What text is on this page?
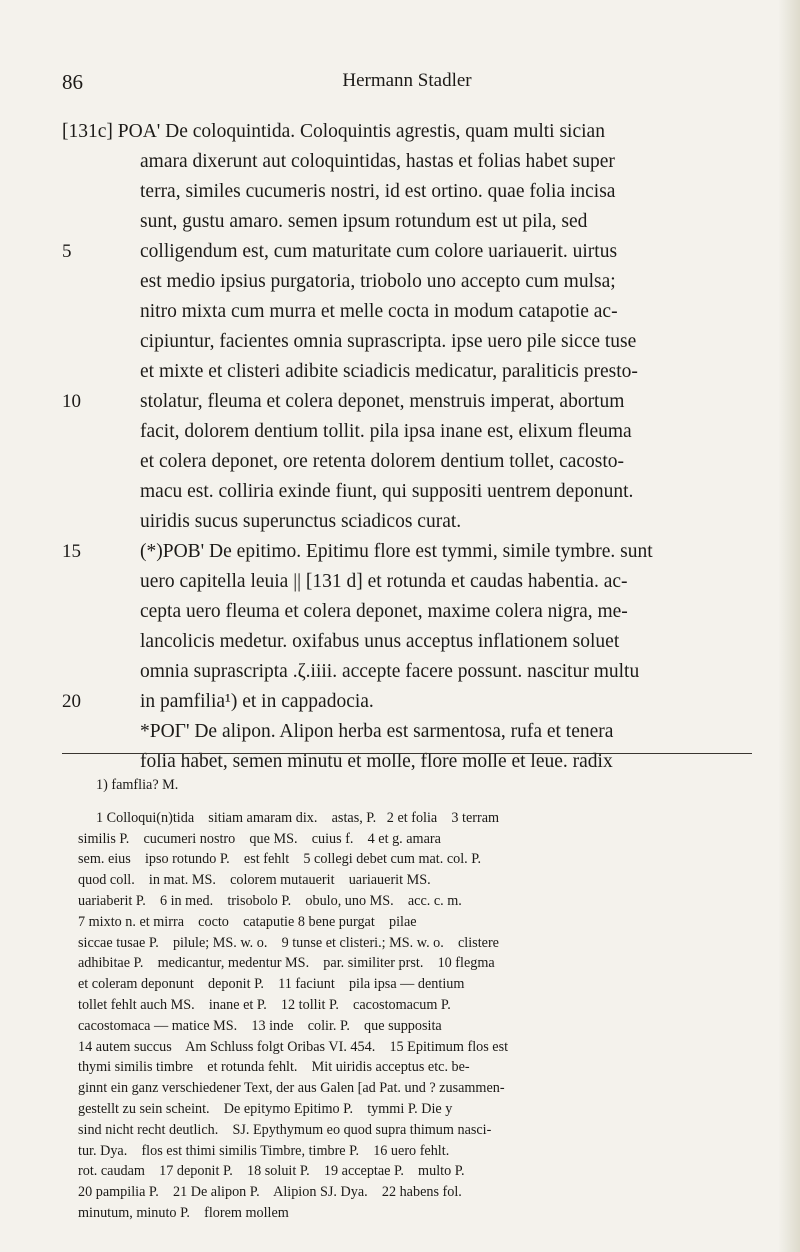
86	Hermann Stadler
[131c] POA' De coloquintida. Coloquintis agrestis, quam multi sician
amara dixerunt aut coloquintidas, hastas et folias habet super
terra, similes cucumeris nostri, id est ortino. quae folia incisa
sunt, gustu amaro. semen ipsum rotundum est ut pila, sed
5	colligendum est, cum maturitate cum colore uariauerit. uirtus
est medio ipsius purgatoria, triobolo uno accepto cum mulsa;
nitro mixta cum murra et melle cocta in modum catapotie ac-
cipiuntur, facientes omnia suprascripta. ipse uero pile sicce tuse
et mixte et clisteri adibite sciadicis medicatur, paraliticis presto-
10	stolatur, fleuma et colera deponet, menstruis imperat, abortum
facit, dolorem dentium tollit. pila ipsa inane est, elixum fleuma
et colera deponet, ore retenta dolorem dentium tollet, cacosto-
macu est. colliria exinde fiunt, qui suppositi uentrem deponunt.
uiridis sucus superunctus sciadicos curat.
15	(*)POB' De epitimo. Epitimu flore est tymmi, simile tymbre. sunt
uero capitella leuia || [131 d] et rotunda et caudas habentia. ac-
cepta uero fleuma et colera deponet, maxime colera nigra, me-
lancolicis medetur. oxifabus unus acceptus inflationem soluet
omnia suprascripta .ζ.iiii. accepte facere possunt. nascitur multu
20	in pamfilia¹) et in cappadocia.
*POΓ' De alipon. Alipon herba est sarmentosa, rufa et tenera
folia habet, semen minutu et molle, flore molle et leue. radix
1) famflia? M.
1 Colloqui(n)tida    sitiam amaram dix.    astas, P.   2 et folia    3 terram
similis P.    cucumeri nostro    que MS.    cuius f.    4 et g. amara
sem. eius    ipso rotundo P.    est fehlt    5 collegi debet cum mat. col. P.
quod coll.    in mat. MS.    colorem mutauerit    uariauerit MS.
uariaberit P.    6 in med.    trisobolo P.    obulo, uno MS.    acc. c. m.
7 mixto n. et mirra    cocto    cataputie 8 bene purgat    pilae
siccae tusae P.    pilule; MS. w. o.    9 tunse et clisteri.; MS. w. o.    clistere
adhibitae P.    medicantur, medentur MS.    par. similiter prst.    10 flegma
et coleram deponunt    deponit P.    11 faciunt    pila ipsa — dentium
tollet fehlt auch MS.    inane et P.    12 tollit P.    cacostomacum P.
cacostomaca — matice MS.    13 inde    colir. P.    que supposita
14 autem succus    Am Schluss folgt Oribas VI. 454.    15 Epitimum flos est
thymi similis timbre    et rotunda fehlt.    Mit uiridis acceptus etc. be-
ginnt ein ganz verschiedener Text, der aus Galen [ad Pat. und ? zusammen-
gestellt zu sein scheint.    De epitymo Epitimo P.    tymmi P. Die y
sind nicht recht deutlich.    SJ. Epythymum eo quod supra thimum nasci-
tur. Dya.    flos est thimi similis Timbre, timbre P.    16 uero fehlt.
rot. caudam    17 deponit P.    18 soluit P.    19 acceptae P.    multo P.
20 pampilia P.    21 De alipon P.    Alipion SJ. Dya.    22 habens fol.
minutum, minuto P.    florem mollem
